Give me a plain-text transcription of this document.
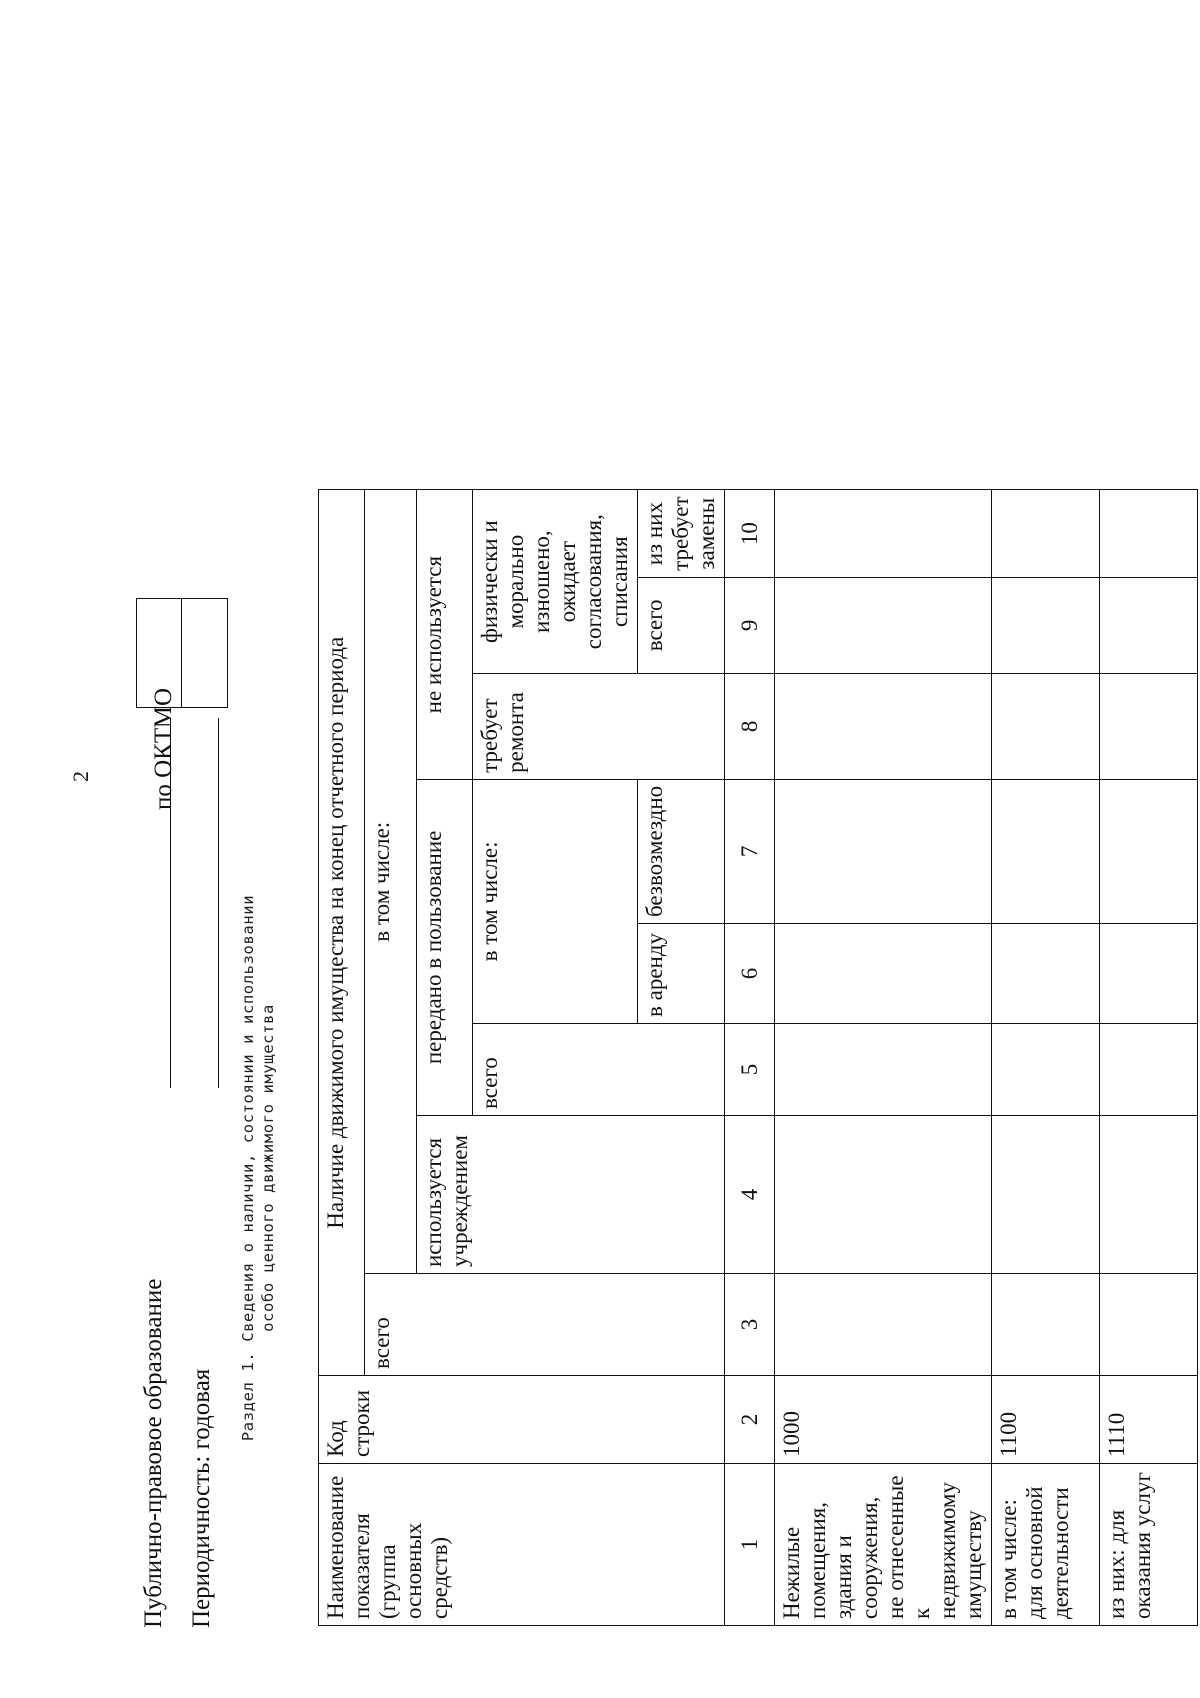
2
Публично-правовое образование Периодичность: годовая
по ОКТМО
Раздел 1. Сведения о наличии, состоянии и использовании особо ценного движимого имущества
Наименование показателя (группа основных средств)	Код строки	Наличие движимого имущества на конец отчетного периода							
		всего	в том числе:						
			используется учреждением	передано в пользование			не используется		
				всего	в том числе:		требует ремонта	физически и морально изношено, ожидает согласования, списания	
					в аренду	безвозмездно		всего	из них требует замены
1	2	3	4	5	6	7	8	9	10
Нежилые помещения, здания и сооружения, не отнесенные к недвижимому имуществу	1000								
в том числе: для основной деятельности	1100								
из них: для оказания услуг	1110								
